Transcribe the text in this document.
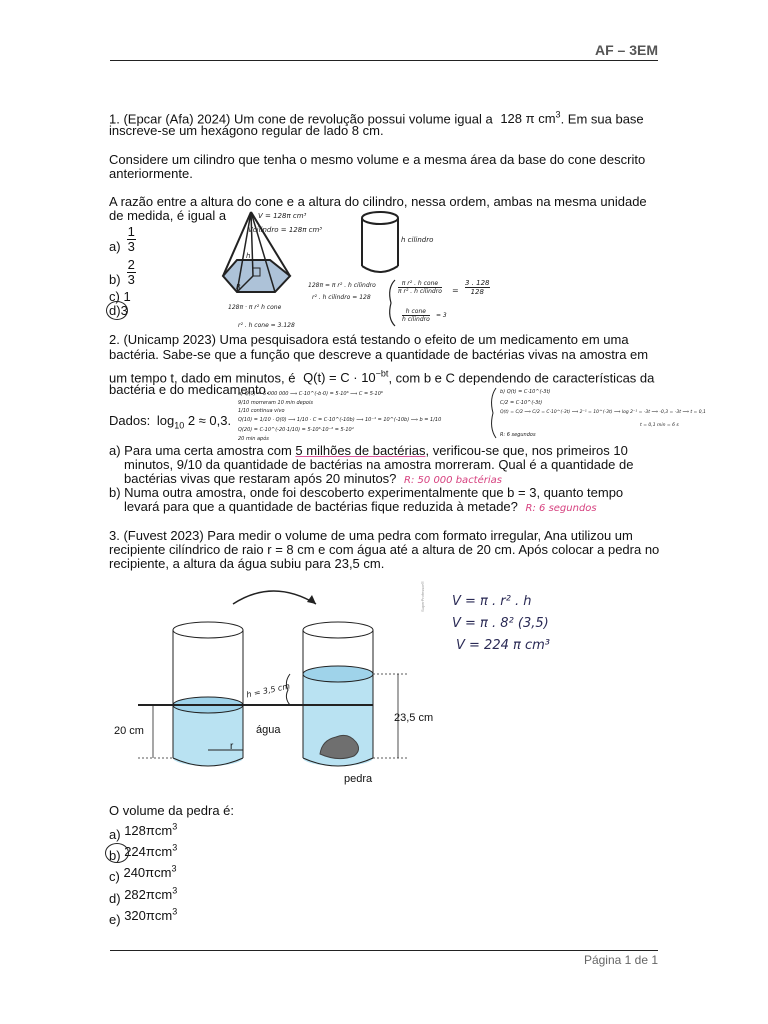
AF – 3EM
1. (Epcar (Afa) 2024) Um cone de revolução possui volume igual a 128 π $cm^3$. Em sua base
inscreve-se um hexágono regular de lado 8 cm.
Considere um cilindro que tenha o mesmo volume e a mesma área da base do cone descrito
anteriormente.
A razão entre a altura do cone e a altura do cilindro, nessa ordem, ambas na mesma unidade
de medida, é igual a
$a) \frac{1}{3}$
$b) \frac{2}{3}$
c) 1
d)3
V = 128π cm³
Vcilindro = 128π cm³
h
R
h cilindro
128π = π r² . h cilindro
r² . h cilindro = 128
128π · π r² h cone
r² . h cone = 3.128
π r² . h cone
π r² . h cilindro =
3 . 128
128
h cone
h cilindro
= 3
2. (Unicamp 2023) Uma pesquisadora está testando o efeito de um medicamento em uma
bactéria. Sabe-se que a função que descreve a quantidade de bactérias vivas na amostra em
um tempo t, dado em minutos, é $Q(t) = C \cdot 10^{-bt}$, com b e C dependendo de características da
bactéria e do medicamento.
Dados: $\log_{10} 2 \approx 0,3$.
a) Q(0) = 5 000 000 ⟹ C·10^(-b·0) = 5·10⁶ ⟹ C = 5·10⁶
9/10 morreram 10 min depois
1/10 continua vivo
Q(10) = 1/10 · Q(0) ⟹ 1/10 · C = C·10^(-10b) ⟹ 10⁻¹ = 10^(-10b) ⟹ b = 1/10
Q(20) = C·10^(-20·1/10) = 5·10⁶·10⁻² = 5·10⁴
20 min após
b) Q(t) = C·10^(-3t)
C/2 = C·10^(-3t)
Q(t) = C/2 ⟹ C/2 = C·10^(-3t) ⟹ 2⁻¹ = 10^(-3t) ⟹ log 2⁻¹ = -3t ⟹ -0,3 = -3t ⟹ t = 0,1
R: 6 segundos
t = 0,1 min = 6 s
a) Para uma certa amostra com 5 milhões de bactérias, verificou-se que, nos primeiros 10
minutos, 9/10 da quantidade de bactérias na amostra morreram. Qual é a quantidade de
bactérias vivas que restaram após 20 minutos? R: 50 000 bactérias
b) Numa outra amostra, onde foi descoberto experimentalmente que b = 3, quanto tempo
levará para que a quantidade de bactérias fique reduzida à metade? R: 6 segundos
3. (Fuvest 2023) Para medir o volume de uma pedra com formato irregular, Ana utilizou um
recipiente cilíndrico de raio r = 8 cm e com água até a altura de 20 cm. Após colocar a pedra no
recipiente, a altura da água subiu para 23,5 cm.
20 cm	água
r
23,5 cm
pedra
h = 3,5 cm
SuperProfessor® V = π . r² . h
V = π . 8² (3,5)
V = 224 π cm³
O volume da pedra é:
a) 128πcm$^3$
b) 224πcm$^3$
c) 240πcm$^3$
d) 282πcm$^3$
e) 320πcm$^3$
Página 1 de 1
